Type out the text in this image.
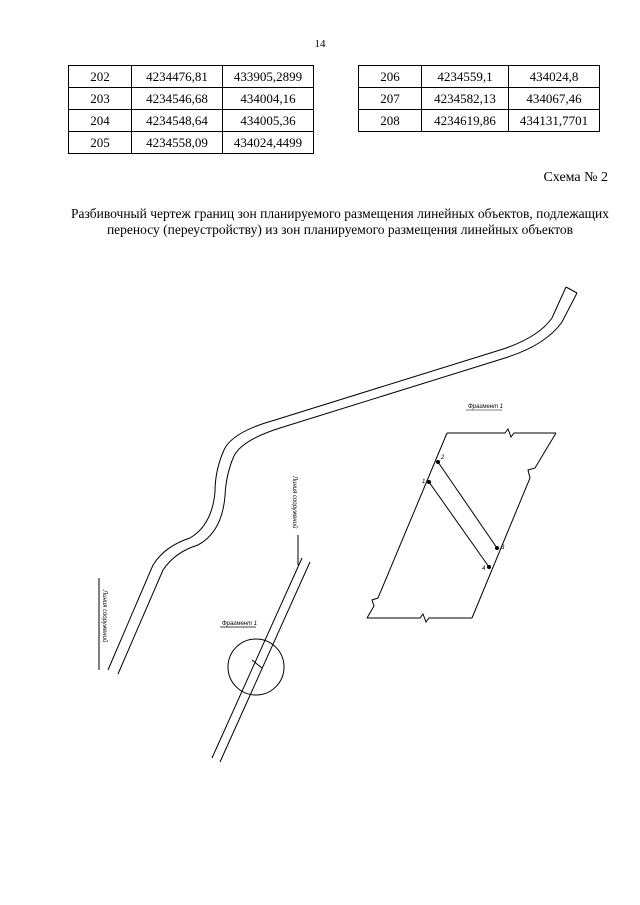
14
202	4234476,81	433905,2899
203	4234546,68	434004,16
204	4234548,64	434005,36
205	4234558,09	434024,4499
206	4234559,1	434024,8
207	4234582,13	434067,46
208	4234619,86	434131,7701
Схема № 2
Разбивочный чертеж границ зон планируемого размещения линейных объектов, подлежащих переносу (переустройству) из зон планируемого размещения линейных объектов
Линия сооружений
Линия сооружений
Фрагмент 1
Фрагмент 1
1
2
3
4
